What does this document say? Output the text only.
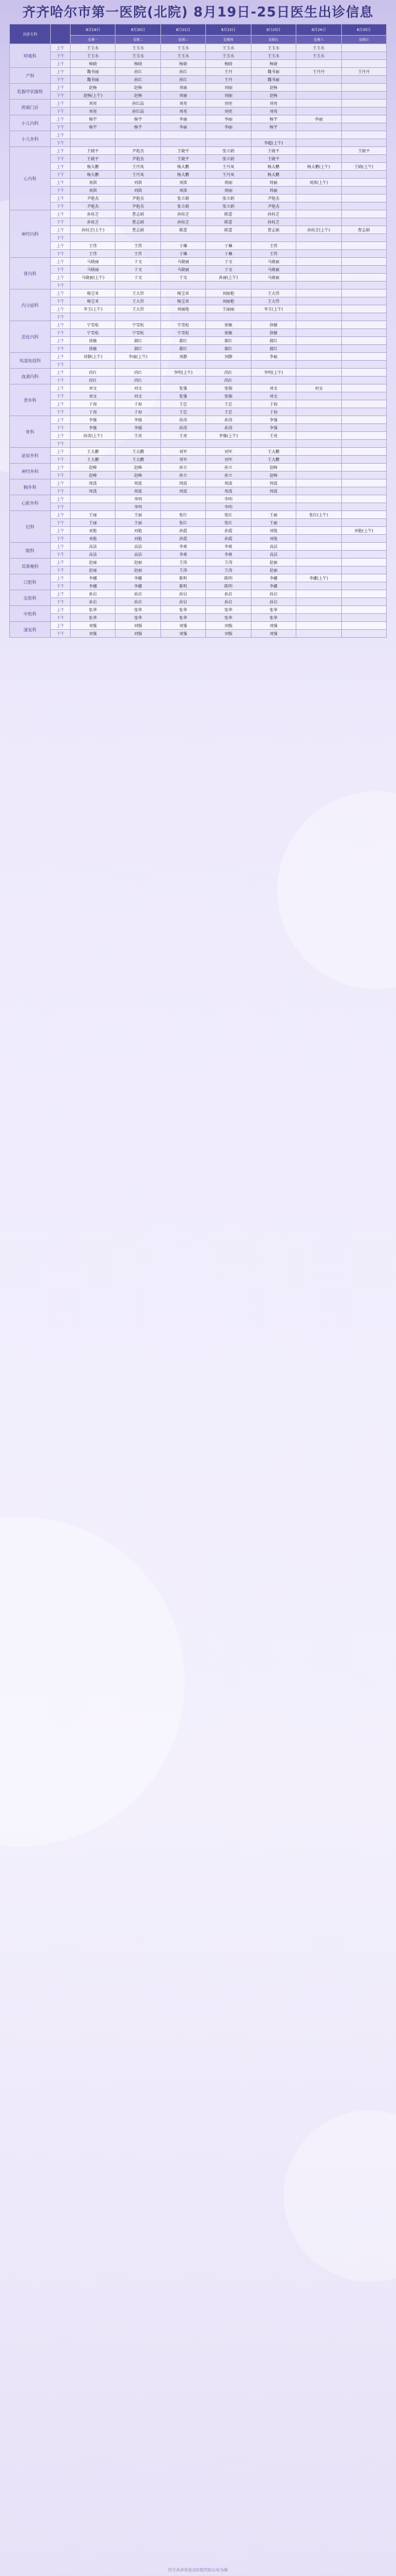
齐齐哈尔市第一医院(北院) 8月19日-25日医生出诊信息
出诊专科		8月19日	8月20日	8月21日	8月22日	8月23日	8月24日	8月25日
		星期一	星期二	星期三	星期四	星期五	星期六	星期日
呼吸科	上午	王玉水	王玉水	王玉水	王玉水	王玉水	王玉水	
	下午	王玉水	王玉水	王玉水	王玉水	王玉水	王玉水	
	上午	杨晓	杨晓	杨晓	杨晓	杨晓		
产科	上午	魏书丽	孙红	孙红	王丹	魏书丽	王丹丹	王丹丹
	下午	魏书丽	孙红	孙红	王丹	魏书丽		
乳腺甲状腺科	上午	赵杨	赵杨	刘丽	刘丽	赵杨		
	下午	赵杨(上午)	赵杨	刘丽	刘丽	赵杨		
疼痛门诊	上午	刘亮	孙红晶	刘亮	刘亮	刘亮		
	下午	刘亮	孙红晶	刘亮	刘亮	刘亮		
小儿内科	上午	杨宇	杨宇	李丽	李丽	杨宇	李丽	
	下午	杨宇	杨宇	李丽	李丽	杨宇		
小儿外科	上午							
	下午					李超(上午)		
心内科	上午	王晓平	尹艳杰	王晓平	张立娟	王晓平		王晓平
	下午	王晓平	尹艳杰	王晓平	张立娟	王晓平		
	上午	杨大鹏	王丹凤	杨大鹏	王丹凤	杨大鹏	杨大鹏(上午)	王晓(上午)
	下午	杨大鹏	王丹凤	杨大鹏	王丹凤	杨大鹏		
	上午	刘洪	刘洪	刘洪	周丽	周丽	刘洪(上午)	
	下午	刘洪	刘洪	刘洪	周丽	周丽		
	上午	尹艳杰	尹艳杰	张立娟	张立娟	尹艳杰		
	下午	尹艳杰	尹艳杰	张立娟	张立娟	尹艳杰		
神经内科	上午	孙桂芝	曹志娟	孙桂芝	陈蕾	孙桂芝		
	下午	孙桂芝	曹志娟	孙桂芝	陈蕾	孙桂芝		
	上午	孙桂芝(上午)	曹志娟	陈蕾	陈蕾	曹志娟	孙桂芝(上午)	曹志娟
	下午							
	上午	王伟	王伟	于琳	于琳	王伟		
	下午	王伟	王伟	于琳	于琳	王伟		
肾内科	上午	马晓丽	于文	马晓丽	于文	马晓丽		
	下午	马晓丽	于文	马晓丽	于文	马晓丽		
	上午	马晓丽(上午)	于文	于文	孙丽(上午)	马晓丽		
	下午							
内分泌科	上午	杨宝亚	王大伟	杨宝亚	刘丽艳	王大伟		
	下午	杨宝亚	王大伟	杨宝亚	刘丽艳	王大伟		
	上午	李玉(上午)	王大伟	刘丽艳	王丽丽	李玉(上午)		
	下午							
消化内科	上午	宁雪松	宁雪松	宁雪松	徐敏	徐敏		
	下午	宁雪松	宁雪松	宁雪松	徐敏	徐敏		
	上午	徐敏	郝红	郝红	郝红	郝红		
	下午	徐敏	郝红	郝红	郝红	郝红		
风湿免疫科	上午	刘静(上午)	李丽(上午)	刘静	刘静	李丽		
	下午							
血液内科	上午	尚红	尚红	李明(上午)	尚红	李明(上午)		
	下午	尚红	尚红		尚红			
普外科	上午	刘文	刘文	张强	张强	刘文	刘文	
	下午	刘文	刘文	张强	张强	刘文		
	上午	于海	于海	王忠	王忠	于海		
	下午	于海	于海	王忠	王忠	于海		
骨科	上午	李强	李强	孙涛	孙涛	李强		
	下午	李强	李强	孙涛	孙涛	李强		
	上午	孙涛(上午)	王亮	王亮	李强(上午)	王亮		
	下午							
泌尿外科	上午	王大鹏	王大鹏	刘军	刘军	王大鹏		
	下午	王大鹏	王大鹏	刘军	刘军	王大鹏		
神经外科	上午	赵峰	赵峰	孙立	孙立	赵峰		
	下午	赵峰	赵峰	孙立	孙立	赵峰		
胸外科	上午	周波	周波	周波	周波	周波		
	下午	周波	周波	周波	周波	周波		
心脏外科	上午		李明		李明			
	下午		李明		李明			
妇科	上午	王丽	王丽	张红	张红	王丽	张红(上午)	
	下午	王丽	王丽	张红	张红	王丽		
	上午	刘艳	刘艳	孙霞	孙霞	刘艳		刘艳(上午)
	下午	刘艳	刘艳	孙霞	孙霞	刘艳		
眼科	上午	高洁	高洁	李爽	李爽	高洁		
	下午	高洁	高洁	李爽	李爽	高洁		
耳鼻喉科	上午	赵丽	赵丽	王涛	王涛	赵丽		
	下午	赵丽	赵丽	王涛	王涛	赵丽		
口腔科	上午	李娜	李娜	陈明	陈明	李娜	李娜(上午)	
	下午	李娜	李娜	陈明	陈明	李娜		
皮肤科	上午	孙岩	孙岩	孙岩	孙岩	孙岩		
	下午	孙岩	孙岩	孙岩	孙岩	孙岩		
中医科	上午	张华	张华	张华	张华	张华		
	下午	张华	张华	张华	张华	张华		
康复科	上午	刘强	刘强	刘强	刘强	刘强		
	下午	刘强	刘强	刘强	刘强	刘强		
医生出诊信息以医院实际公布为准
